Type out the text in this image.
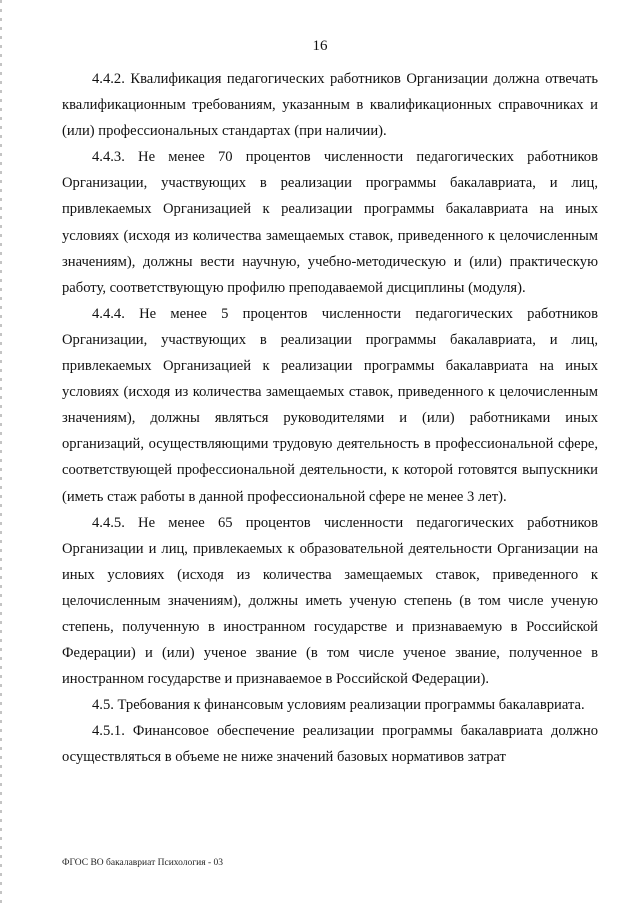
16

4.4.2. Квалификация педагогических работников Организации должна отвечать квалификационным требованиям, указанным в квалификационных справочниках и (или) профессиональных стандартах (при наличии).

4.4.3. Не менее 70 процентов численности педагогических работников Организации, участвующих в реализации программы бакалавриата, и лиц, привлекаемых Организацией к реализации программы бакалавриата на иных условиях (исходя из количества замещаемых ставок, приведенного к целочисленным значениям), должны вести научную, учебно-методическую и (или) практическую работу, соответствующую профилю преподаваемой дисциплины (модуля).

4.4.4. Не менее 5 процентов численности педагогических работников Организации, участвующих в реализации программы бакалавриата, и лиц, привлекаемых Организацией к реализации программы бакалавриата на иных условиях (исходя из количества замещаемых ставок, приведенного к целочисленным значениям), должны являться руководителями и (или) работниками иных организаций, осуществляющими трудовую деятельность в профессиональной сфере, соответствующей профессиональной деятельности, к которой готовятся выпускники (иметь стаж работы в данной профессиональной сфере не менее 3 лет).

4.4.5. Не менее 65 процентов численности педагогических работников Организации и лиц, привлекаемых к образовательной деятельности Организации на иных условиях (исходя из количества замещаемых ставок, приведенного к целочисленным значениям), должны иметь ученую степень (в том числе ученую степень, полученную в иностранном государстве и признаваемую в Российской Федерации) и (или) ученое звание (в том числе ученое звание, полученное в иностранном государстве и признаваемое в Российской Федерации).

4.5. Требования к финансовым условиям реализации программы бакалавриата.

4.5.1. Финансовое обеспечение реализации программы бакалавриата должно осуществляться в объеме не ниже значений базовых нормативов затрат

ФГОС ВО бакалавриат Психология - 03
